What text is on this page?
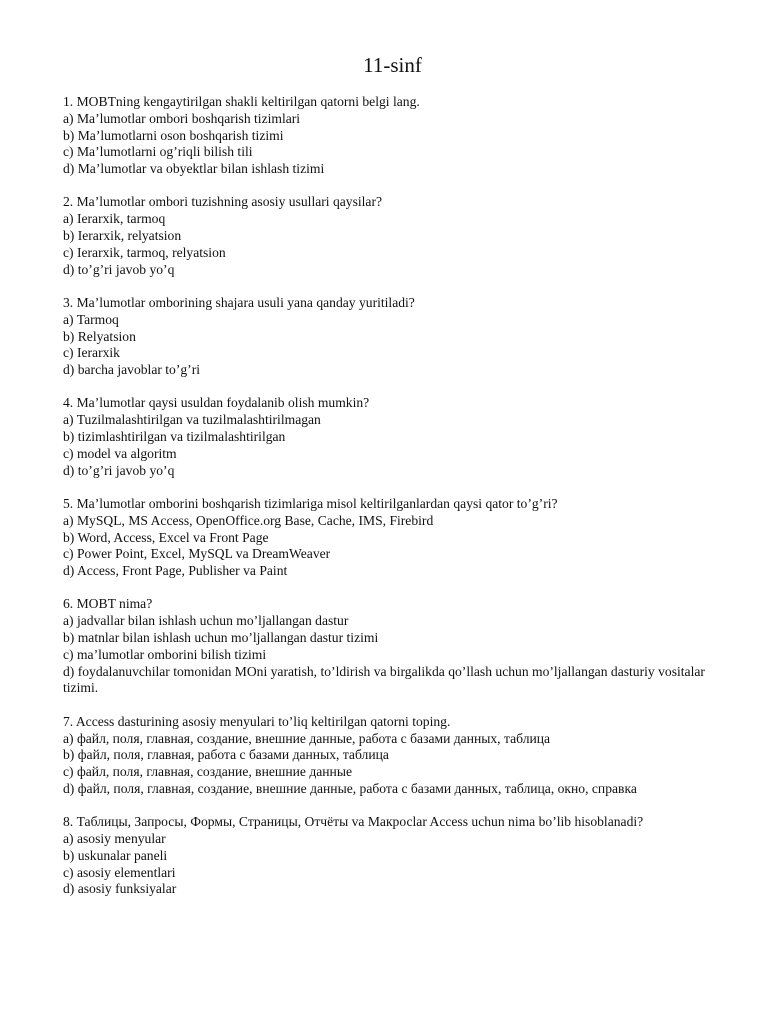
11-sinf
1. MOBTning kengaytirilgan shakli keltirilgan qatorni belgi lang.
a) Ma’lumotlar ombori boshqarish tizimlari
b) Ma’lumotlarni oson boshqarish tizimi
c) Ma’lumotlarni og’riqli bilish tili
d) Ma’lumotlar va obyektlar bilan ishlash tizimi
2. Ma’lumotlar ombori tuzishning asosiy usullari qaysilar?
a) Ierarxik, tarmoq
b) Ierarxik, relyatsion
c) Ierarxik, tarmoq, relyatsion
d) to’g’ri javob yo’q
3. Ma’lumotlar omborining shajara usuli yana qanday yuritiladi?
a) Tarmoq
b) Relyatsion
c) Ierarxik
d) barcha javoblar to’g’ri
4. Ma’lumotlar qaysi usuldan foydalanib olish mumkin?
a) Tuzilmalashtirilgan va tuzilmalashtirilmagan
b) tizimlashtirilgan va tizilmalashtirilgan
c) model va algoritm
d) to’g’ri javob yo’q
5. Ma’lumotlar omborini boshqarish tizimlariga misol keltirilganlardan qaysi qator to’g’ri?
a) MySQL, MS Access, OpenOffice.org Base, Cache, IMS, Firebird
b) Word, Access, Excel va Front Page
c) Power Point, Excel, MySQL va DreamWeaver
d) Access, Front Page, Publisher va Paint
6. MOBT nima?
a) jadvallar bilan ishlash uchun mo’ljallangan dastur
b) matnlar bilan ishlash uchun mo’ljallangan dastur tizimi
c) ma’lumotlar omborini bilish tizimi
d) foydalanuvchilar tomonidan MOni yaratish, to’ldirish va birgalikda qo’llash uchun mo’ljallangan dasturiy vositalar tizimi.
7. Access dasturining asosiy menyulari to’liq keltirilgan qatorni toping.
a) файл, поля, главная, создание, внешние данные, работа с базами данных, таблица
b) файл, поля, главная, работа с базами данных, таблица
c) файл, поля, главная, создание, внешние данные
d) файл, поля, главная, создание, внешние данные, работа с базами данных, таблица, окно, справка
8. Таблицы, Запросы, Формы, Страницы, Отчёты va Макросlar Access uchun nima bo’lib hisoblanadi?
a) asosiy menyular
b) uskunalar paneli
c) asosiy elementlari
d) asosiy funksiyalar
